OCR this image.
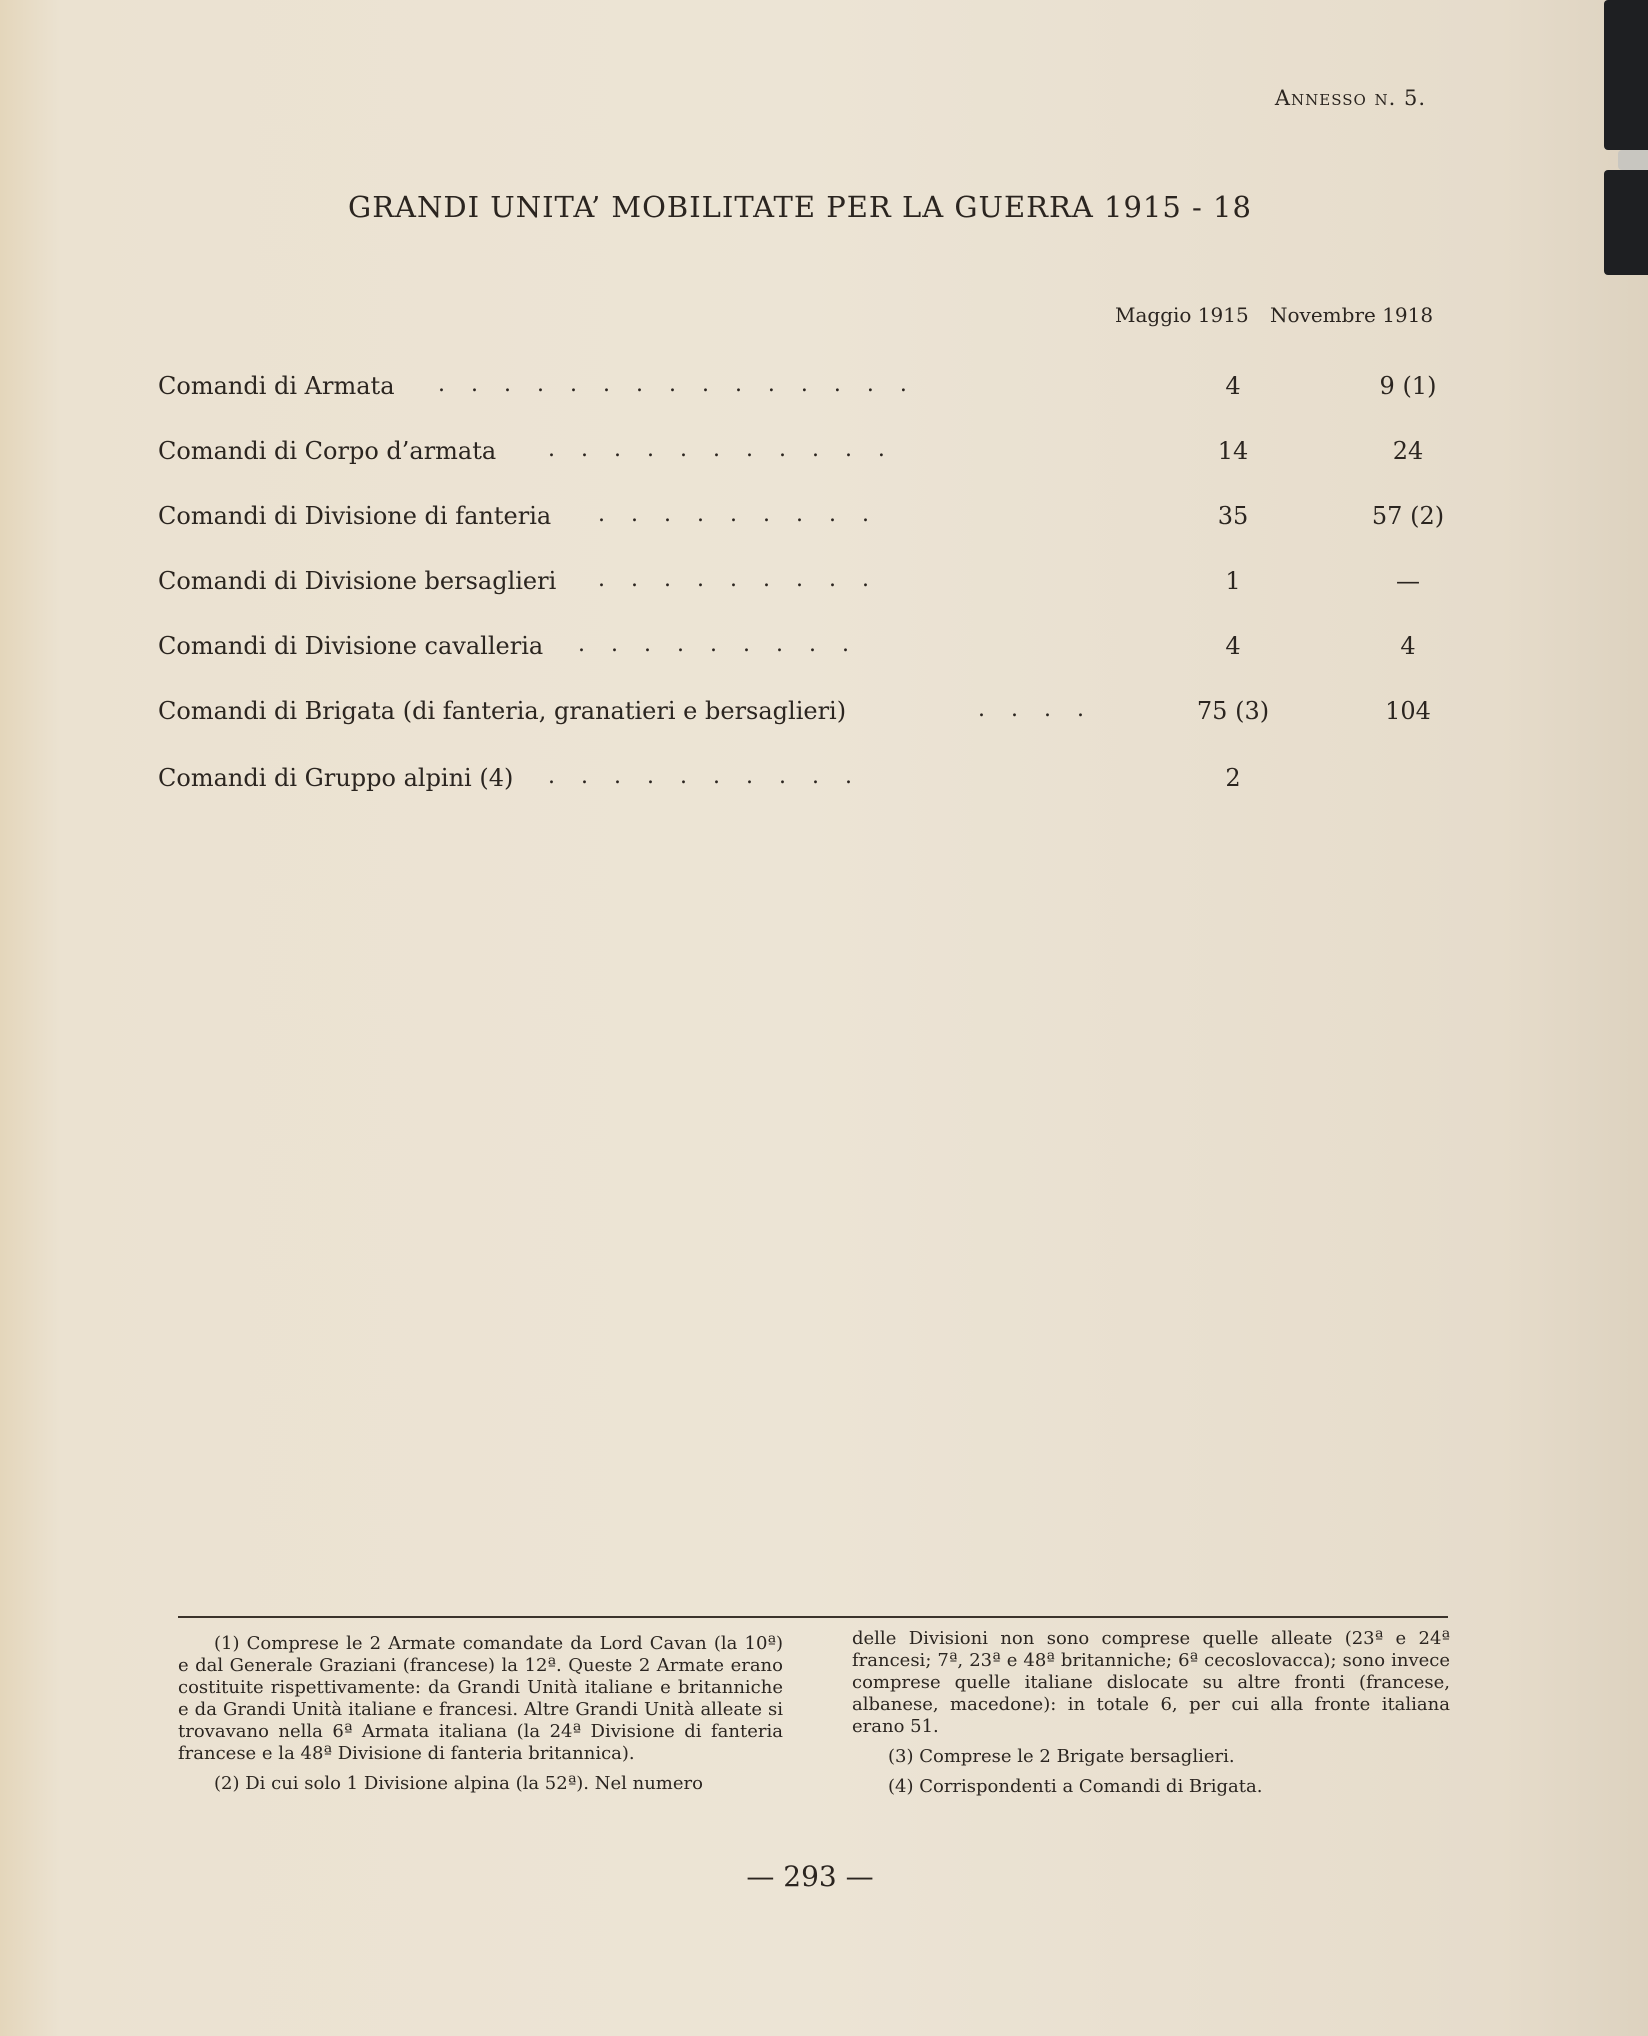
Annesso n. 5.
GRANDI UNITA’ MOBILITATE PER LA GUERRA 1915 - 18
Maggio 1915 Novembre 1918
Comandi di Armata ...............	4	9 (1)
Comandi di Corpo d’armata ...........	14	24
Comandi di Divisione di fanteria .........	35	57 (2)
Comandi di Divisione bersaglieri .........	1	—
Comandi di Divisione cavalleria .........	4	4
Comandi di Brigata (di fanteria, granatieri e bersaglieri)	....	75 (3)	104
Comandi di Gruppo alpini (4) ..........	2

(1) Comprese le 2 Armate comandate da Lord Cavan (la 10ª) e dal Generale Graziani (francese) la 12ª. Queste 2 Armate erano costituite rispettivamente: da Grandi Unità italiane e britanniche e da Grandi Unità italiane e francesi. Altre Grandi Unità alleate si trovavano nella 6ª Armata italiana (la 24ª Divisione di fanteria francese e la 48ª Divisione di fanteria britannica).

(2) Di cui solo 1 Divisione alpina (la 52ª). Nel numero

delle Divisioni non sono comprese quelle alleate (23ª e 24ª francesi; 7ª, 23ª e 48ª britanniche; 6ª cecoslovacca); sono invece comprese quelle italiane dislocate su altre fronti (francese, albanese, macedone): in totale 6, per cui alla fronte italiana erano 51.

(3) Comprese le 2 Brigate bersaglieri.

(4) Corrispondenti a Comandi di Brigata.

— 293 —
